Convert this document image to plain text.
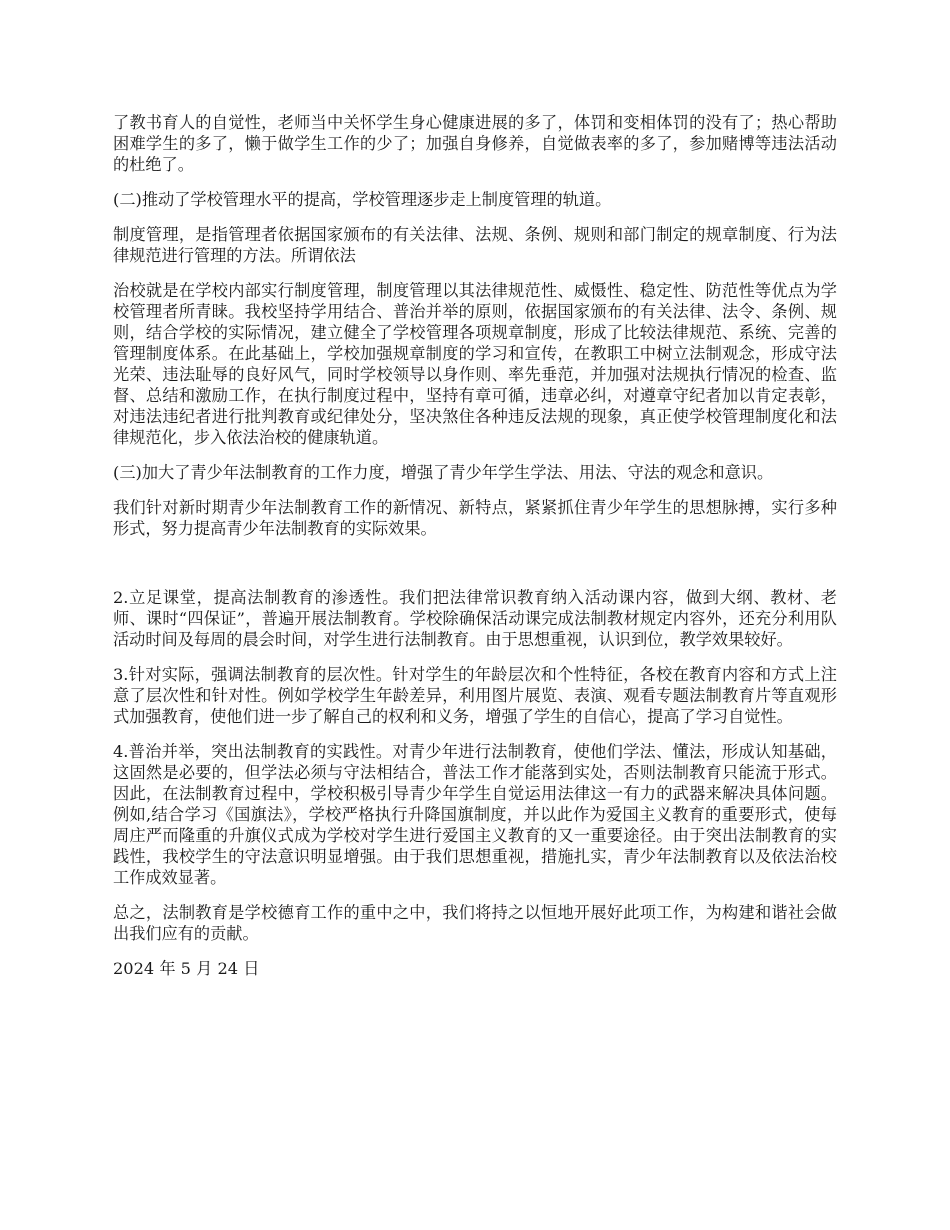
了教书育人的自觉性，老师当中关怀学生身心健康进展的多了，体罚和变相体罚的没有了；热心帮助困难学生的多了，懒于做学生工作的少了；加强自身修养，自觉做表率的多了，参加赌博等违法活动的杜绝了。

(二)推动了学校管理水平的提高，学校管理逐步走上制度管理的轨道。

制度管理，是指管理者依据国家颁布的有关法律、法规、条例、规则和部门制定的规章制度、行为法律规范进行管理的方法。所谓依法

治校就是在学校内部实行制度管理，制度管理以其法律规范性、威慑性、稳定性、防范性等优点为学校管理者所青睐。我校坚持学用结合、普治并举的原则，依据国家颁布的有关法律、法令、条例、规则，结合学校的实际情况，建立健全了学校管理各项规章制度，形成了比较法律规范、系统、完善的管理制度体系。在此基础上，学校加强规章制度的学习和宣传，在教职工中树立法制观念，形成守法光荣、违法耻辱的良好风气，同时学校领导以身作则、率先垂范，并加强对法规执行情况的检查、监督、总结和激励工作，在执行制度过程中，坚持有章可循，违章必纠，对遵章守纪者加以肯定表彰，对违法违纪者进行批判教育或纪律处分，坚决煞住各种违反法规的现象，真正使学校管理制度化和法律规范化，步入依法治校的健康轨道。

(三)加大了青少年法制教育的工作力度，增强了青少年学生学法、用法、守法的观念和意识。

我们针对新时期青少年法制教育工作的新情况、新特点，紧紧抓住青少年学生的思想脉搏，实行多种形式，努力提高青少年法制教育的实际效果。

2.立足课堂，提高法制教育的渗透性。我们把法律常识教育纳入活动课内容，做到大纲、教材、老师、课时“四保证”，普遍开展法制教育。学校除确保活动课完成法制教材规定内容外，还充分利用队活动时间及每周的晨会时间，对学生进行法制教育。由于思想重视，认识到位，教学效果较好。

3.针对实际，强调法制教育的层次性。针对学生的年龄层次和个性特征，各校在教育内容和方式上注意了层次性和针对性。例如学校学生年龄差异，利用图片展览、表演、观看专题法制教育片等直观形式加强教育，使他们进一步了解自己的权利和义务，增强了学生的自信心，提高了学习自觉性。

4.普治并举，突出法制教育的实践性。对青少年进行法制教育，使他们学法、懂法，形成认知基础，这固然是必要的，但学法必须与守法相结合，普法工作才能落到实处，否则法制教育只能流于形式。因此，在法制教育过程中，学校积极引导青少年学生自觉运用法律这一有力的武器来解决具体问题。例如,结合学习《国旗法》，学校严格执行升降国旗制度，并以此作为爱国主义教育的重要形式，使每周庄严而隆重的升旗仪式成为学校对学生进行爱国主义教育的又一重要途径。由于突出法制教育的实践性，我校学生的守法意识明显增强。由于我们思想重视，措施扎实，青少年法制教育以及依法治校工作成效显著。

总之，法制教育是学校德育工作的重中之中，我们将持之以恒地开展好此项工作，为构建和谐社会做出我们应有的贡献。

2024 年 5 月 24 日
